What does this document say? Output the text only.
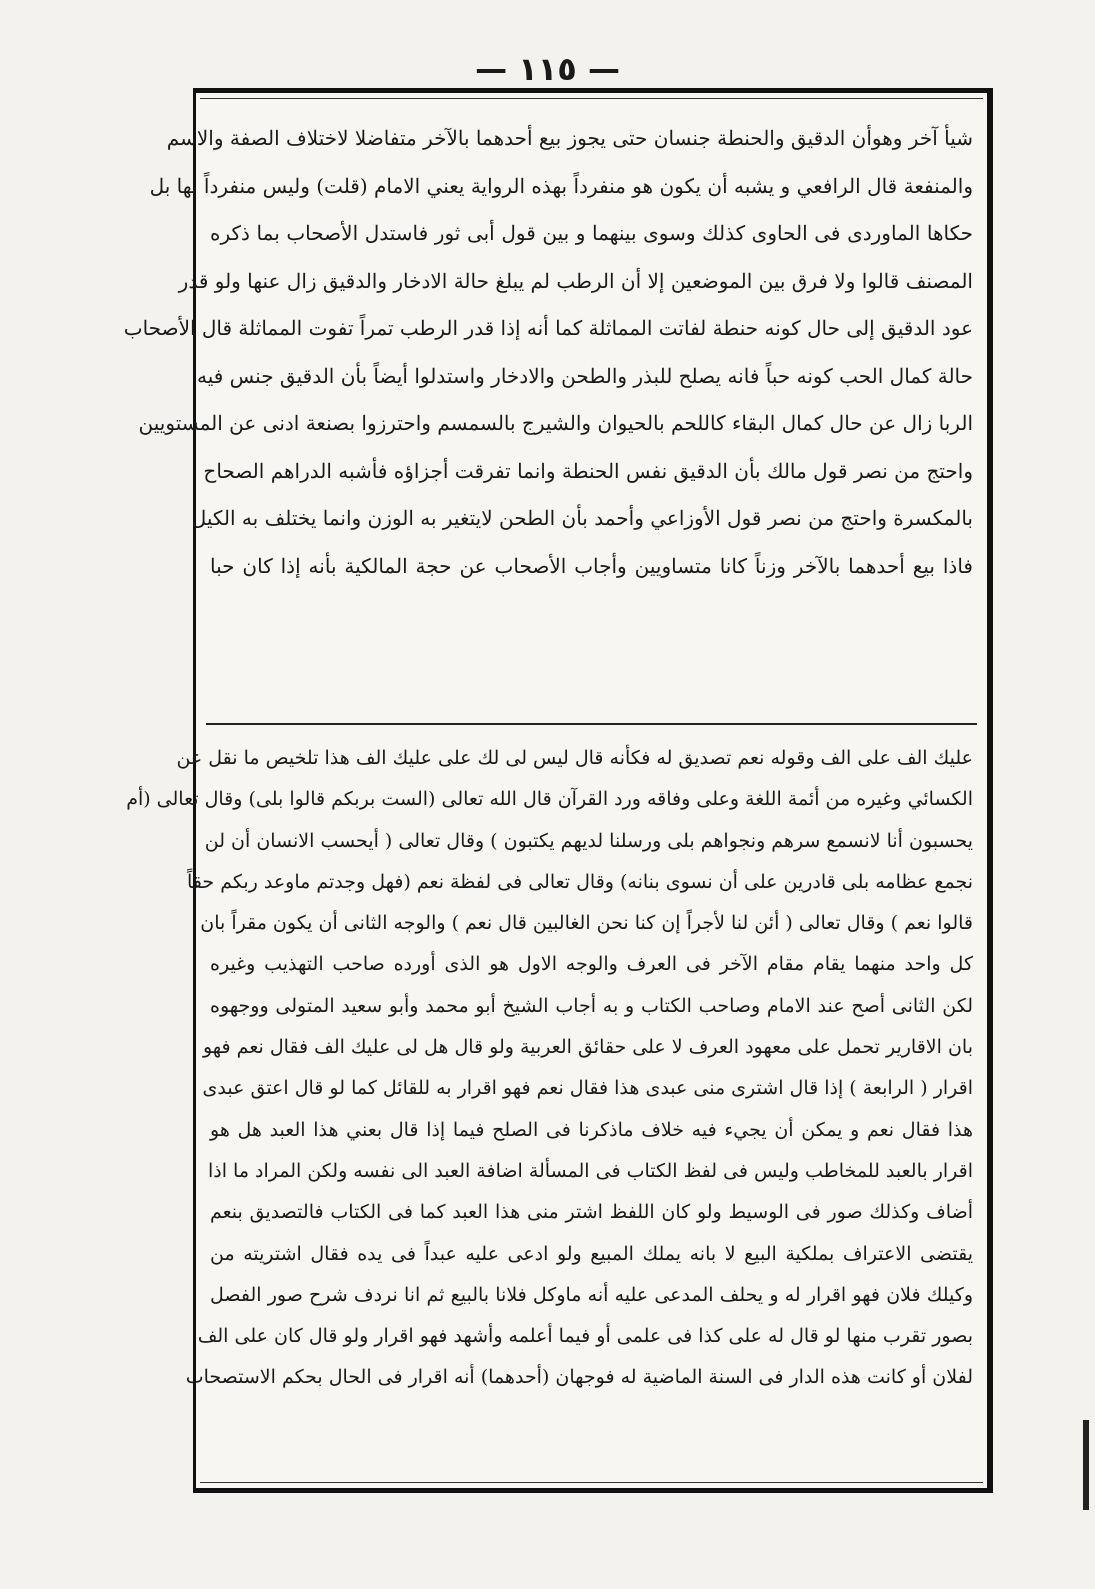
— ١١٥ —
شيأ آخر وهوأن الدقيق والحنطة جنسان حتى يجوز بيع أحدهما بالآخر متفاضلا لاختلاف الصفة والاسم
والمنفعة قال الرافعي و يشبه أن يكون هو منفرداً بهذه الرواية يعني الامام (قلت) وليس منفرداً بها بل
حكاها الماوردى فى الحاوى كذلك وسوى بينهما و بين قول أبى ثور فاستدل الأصحاب بما ذكره
المصنف قالوا ولا فرق بين الموضعين إلا أن الرطب لم يبلغ حالة الادخار والدقيق زال عنها ولو قدر
عود الدقيق إلى حال كونه حنطة لفاتت المماثلة كما أنه إذا قدر الرطب تمراً تفوت المماثلة قال الأصحاب
حالة كمال الحب كونه حباً فانه يصلح للبذر والطحن والادخار واستدلوا أيضاً بأن الدقيق جنس فيه
الربا زال عن حال كمال البقاء كاللحم بالحيوان والشيرج بالسمسم واحترزوا بصنعة ادنى عن المستويين
واحتج من نصر قول مالك بأن الدقيق نفس الحنطة وانما تفرقت أجزاؤه فأشبه الدراهم الصحاح
بالمكسرة واحتج من نصر قول الأوزاعي وأحمد بأن الطحن لايتغير به الوزن وانما يختلف به الكيل
فاذا بيع أحدهما بالآخر وزناً كانا متساويين وأجاب الأصحاب عن حجة المالكية بأنه إذا كان حبا
عليك الف على الف وقوله نعم تصديق له فكأنه قال ليس لى لك على عليك الف هذا تلخيص ما نقل عن
الكسائي وغيره من أئمة اللغة وعلى وفاقه ورد القرآن قال الله تعالى (الست بربكم قالوا بلى) وقال تعالى (أم
يحسبون أنا لانسمع سرهم ونجواهم بلى ورسلنا لديهم يكتبون ) وقال تعالى ( أيحسب الانسان أن لن
نجمع عظامه بلى قادرين على أن نسوى بنانه) وقال تعالى فى لفظة نعم (فهل وجدتم ماوعد ربكم حقاً
قالوا نعم ) وقال تعالى ( أئن لنا لأجراً إن كنا نحن الغالبين قال نعم ) والوجه الثانى أن يكون مقراً بان
كل واحد منهما يقام مقام الآخر فى العرف والوجه الاول هو الذى أورده صاحب التهذيب وغيره
لكن الثانى أصح عند الامام وصاحب الكتاب و به أجاب الشيخ أبو محمد وأبو سعيد المتولى ووجهوه
بان الاقارير تحمل على معهود العرف لا على حقائق العربية ولو قال هل لى عليك الف فقال نعم فهو
اقرار ( الرابعة ) إذا قال اشترى منى عبدى هذا فقال نعم فهو اقرار به للقائل كما لو قال اعتق عبدى
هذا فقال نعم و يمكن أن يجيء فيه خلاف ماذكرنا فى الصلح فيما إذا قال بعني هذا العبد هل هو
اقرار بالعبد للمخاطب وليس فى لفظ الكتاب فى المسألة اضافة العبد الى نفسه ولكن المراد ما اذا
أضاف وكذلك صور فى الوسيط ولو كان اللفظ اشتر منى هذا العبد كما فى الكتاب فالتصديق بنعم
يقتضى الاعتراف بملكية البيع لا بانه يملك المبيع ولو ادعى عليه عبداً فى يده فقال اشتريته من
وكيلك فلان فهو اقرار له و يحلف المدعى عليه أنه ماوكل فلانا بالبيع ثم انا نردف شرح صور الفصل
بصور تقرب منها لو قال له على كذا فى علمى أو فيما أعلمه وأشهد فهو اقرار ولو قال كان على الف
لفلان أو كانت هذه الدار فى السنة الماضية له فوجهان (أحدهما) أنه اقرار فى الحال بحكم الاستصحاب
